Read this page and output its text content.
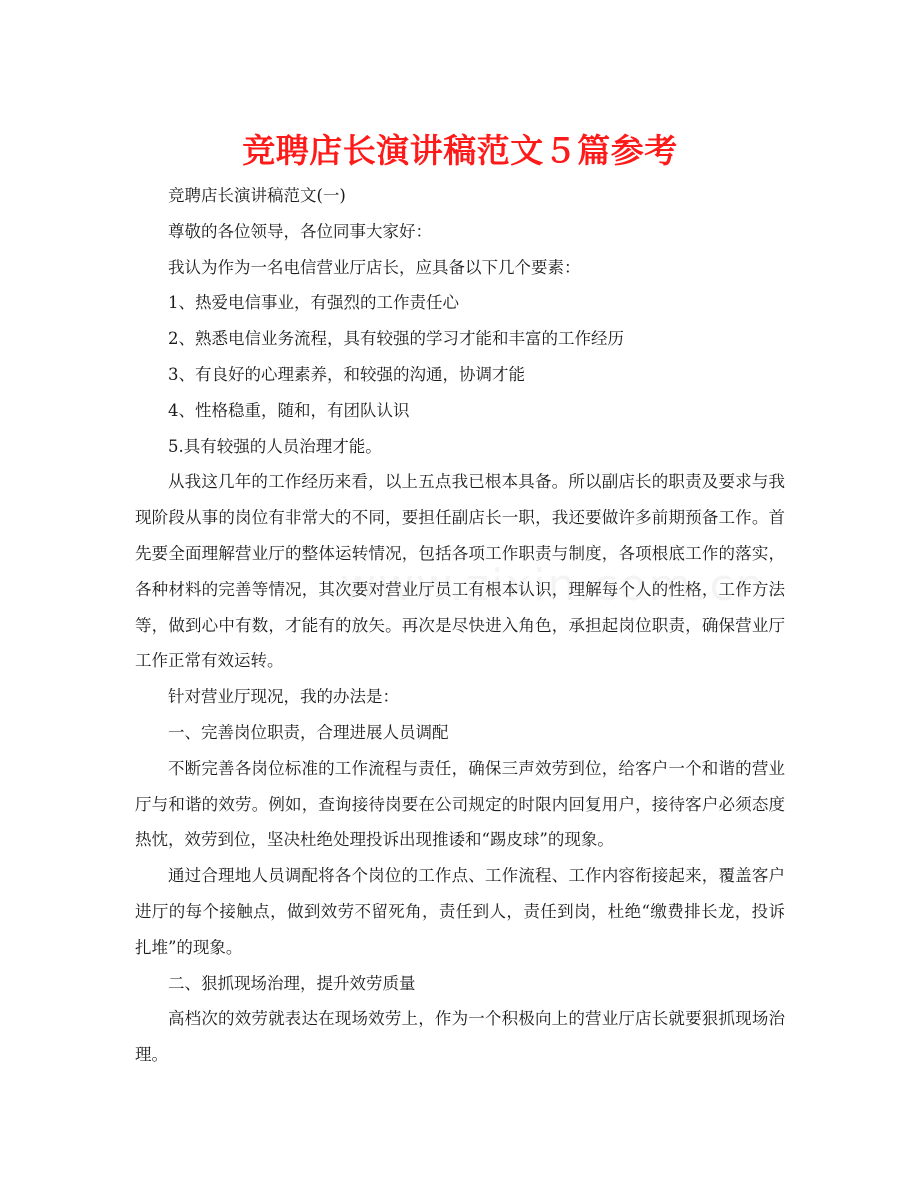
竞聘店长演讲稿范文５篇参考

竞聘店长演讲稿范文(一)

尊敬的各位领导，各位同事大家好：

我认为作为一名电信营业厅店长，应具备以下几个要素：

1、热爱电信事业，有强烈的工作责任心

2、熟悉电信业务流程，具有较强的学习才能和丰富的工作经历

3、有良好的心理素养，和较强的沟通，协调才能

4、性格稳重，随和，有团队认识

5.具有较强的人员治理才能。

从我这几年的工作经历来看，以上五点我已根本具备。所以副店长的职责及要求与我现阶段从事的岗位有非常大的不同，要担任副店长一职，我还要做许多前期预备工作。首先要全面理解营业厅的整体运转情况，包括各项工作职责与制度，各项根底工作的落实，各种材料的完善等情况，其次要对营业厅员工有根本认识，理解每个人的性格，工作方法等，做到心中有数，才能有的放矢。再次是尽快进入角色，承担起岗位职责，确保营业厅工作正常有效运转。

针对营业厅现况，我的办法是：

一、完善岗位职责，合理进展人员调配

不断完善各岗位标准的工作流程与责任，确保三声效劳到位，给客户一个和谐的营业厅与和谐的效劳。例如，查询接待岗要在公司规定的时限内回复用户，接待客户必须态度热忱，效劳到位，坚决杜绝处理投诉出现推诿和“踢皮球”的现象。

通过合理地人员调配将各个岗位的工作点、工作流程、工作内容衔接起来，覆盖客户进厅的每个接触点，做到效劳不留死角，责任到人，责任到岗，杜绝“缴费排长龙，投诉扎堆”的现象。

二、狠抓现场治理，提升效劳质量

高档次的效劳就表达在现场效劳上，作为一个积极向上的营业厅店长就要狠抓现场治理。
